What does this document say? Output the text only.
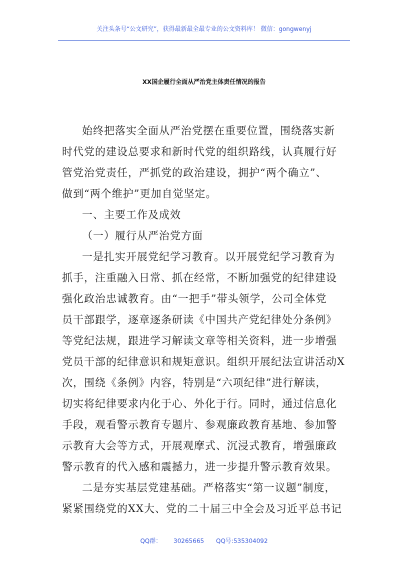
关注头条号“公文研究”，获得最新最全最专业的公文资料库！ 微信：gongwenyj
XX国企履行全面从严治党主体责任情况的报告
始终把落实全面从严治党摆在重要位置，围绕落实新
时代党的建设总要求和新时代党的组织路线，认真履行好
管党治党责任，严抓党的政治建设，拥护“两个确立”、
做到“两个维护”更加自觉坚定。
一、主要工作及成效
（一）履行从严治党方面
一是扎实开展党纪学习教育。以开展党纪学习教育为
抓手，注重融入日常、抓在经常，不断加强党的纪律建设
强化政治忠诚教育。由“一把手”带头领学，公司全体党
员干部跟学，逐章逐条研读《中国共产党纪律处分条例》
等党纪法规，跟进学习解读文章等相关资料，进一步增强
党员干部的纪律意识和规矩意识。组织开展纪法宣讲活动X
次，围绕《条例》内容，特别是“六项纪律”进行解读，
切实将纪律要求内化于心、外化于行。同时，通过信息化
手段，观看警示教育专题片、参观廉政教育基地、参加警
示教育大会等方式，开展观摩式、沉浸式教育，增强廉政
警示教育的代入感和震撼力，进一步提升警示教育效果。
二是夯实基层党建基础。严格落实“第一议题”制度，
紧紧围绕党的XX大、党的二十届三中全会及习近平总书记
QQ群： 30265665 QQ号:535304092
